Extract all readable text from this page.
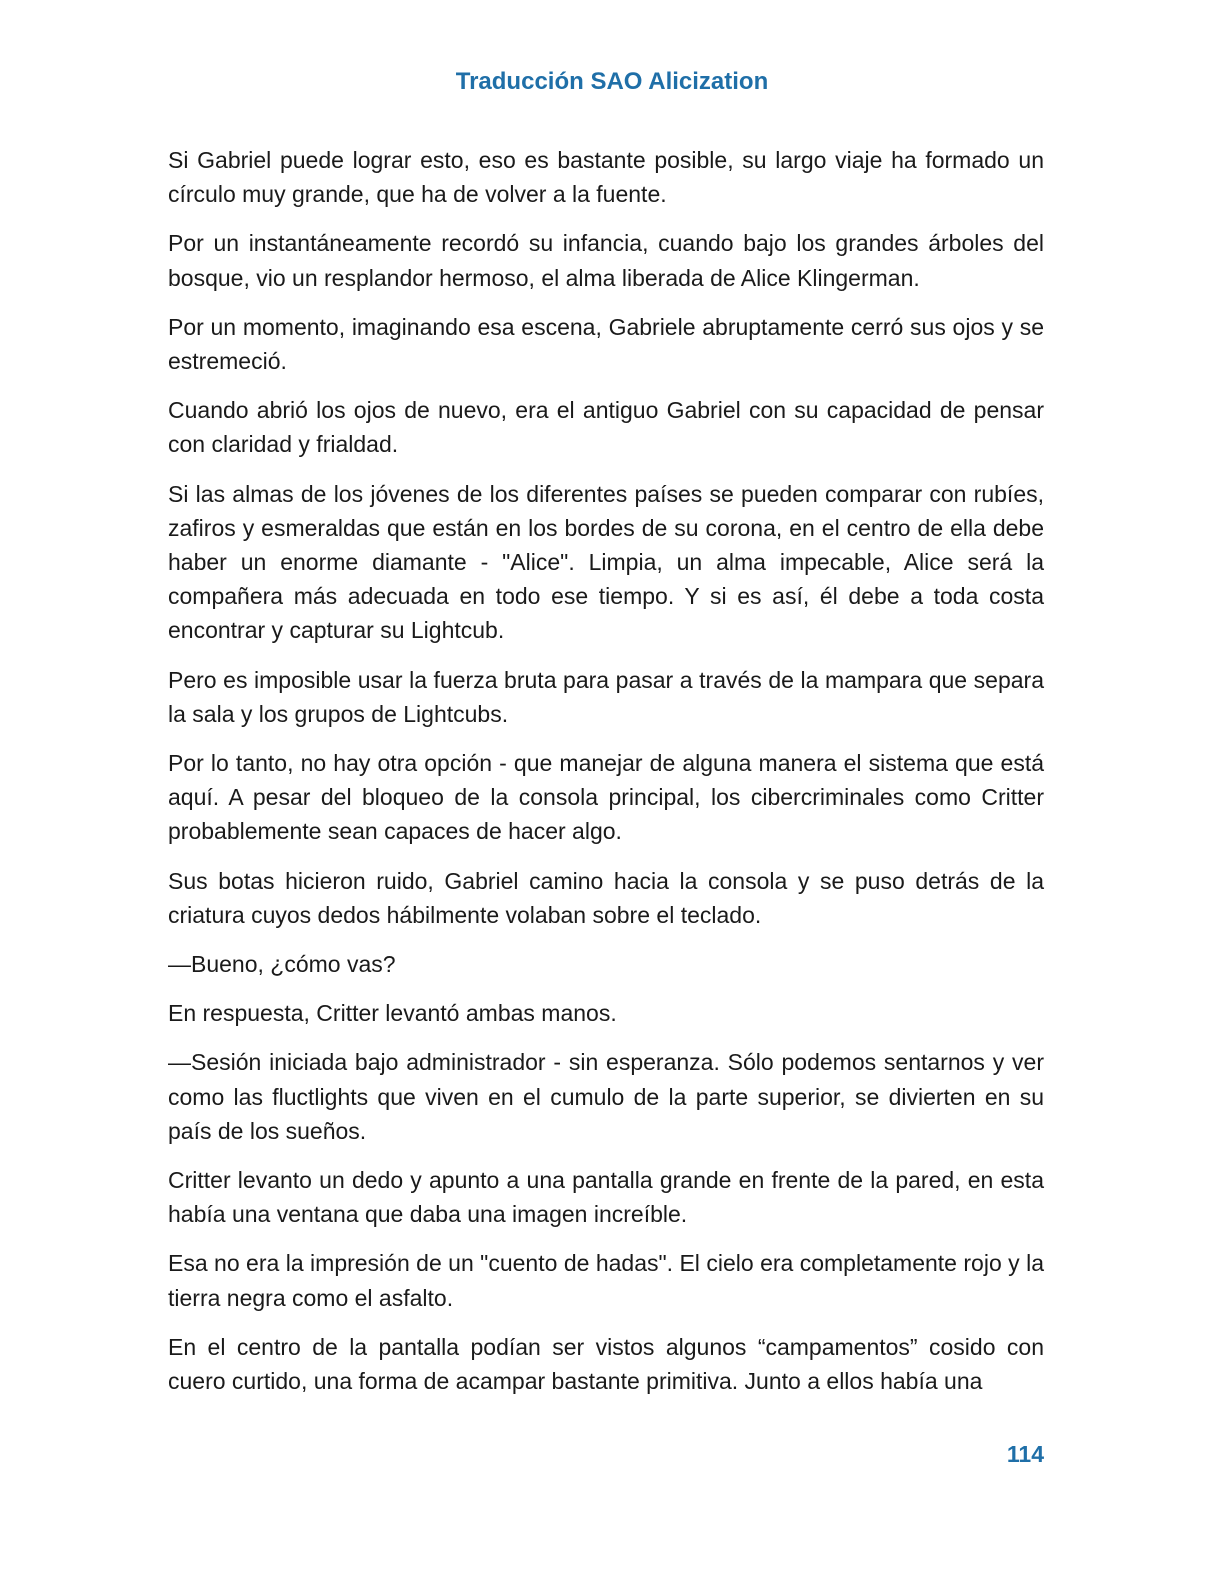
Traducción SAO Alicization

Si Gabriel puede lograr esto, eso es bastante posible, su largo viaje ha formado un círculo muy grande, que ha de volver a la fuente.

Por un instantáneamente recordó su infancia, cuando bajo los grandes árboles del bosque, vio un resplandor hermoso, el alma liberada de Alice Klingerman.

Por un momento, imaginando esa escena, Gabriele abruptamente cerró sus ojos y se estremeció.

Cuando abrió los ojos de nuevo, era el antiguo Gabriel con su capacidad de pensar con claridad y frialdad.

Si las almas de los jóvenes de los diferentes países se pueden comparar con rubíes, zafiros y esmeraldas que están en los bordes de su corona, en el centro de ella debe haber un enorme diamante - "Alice". Limpia, un alma impecable, Alice será la compañera más adecuada en todo ese tiempo. Y si es así, él debe a toda costa encontrar y capturar su Lightcub.

Pero es imposible usar la fuerza bruta para pasar a través de la mampara que separa la sala y los grupos de Lightcubs.

Por lo tanto, no hay otra opción - que manejar de alguna manera el sistema que está aquí. A pesar del bloqueo de la consola principal, los cibercriminales como Critter probablemente sean capaces de hacer algo.

Sus botas hicieron ruido, Gabriel camino hacia la consola y se puso detrás de la criatura cuyos dedos hábilmente volaban sobre el teclado.

—Bueno, ¿cómo vas?

En respuesta, Critter levantó ambas manos.

—Sesión iniciada bajo administrador - sin esperanza. Sólo podemos sentarnos y ver como las fluctlights que viven en el cumulo de la parte superior, se divierten en su país de los sueños.

Critter levanto un dedo y apunto a una pantalla grande en frente de la pared, en esta había una ventana que daba una imagen increíble.

Esa no era la impresión de un "cuento de hadas". El cielo era completamente rojo y la tierra negra como el asfalto.

En el centro de la pantalla podían ser vistos algunos “campamentos” cosido con cuero curtido, una forma de acampar bastante primitiva. Junto a ellos había una

114
